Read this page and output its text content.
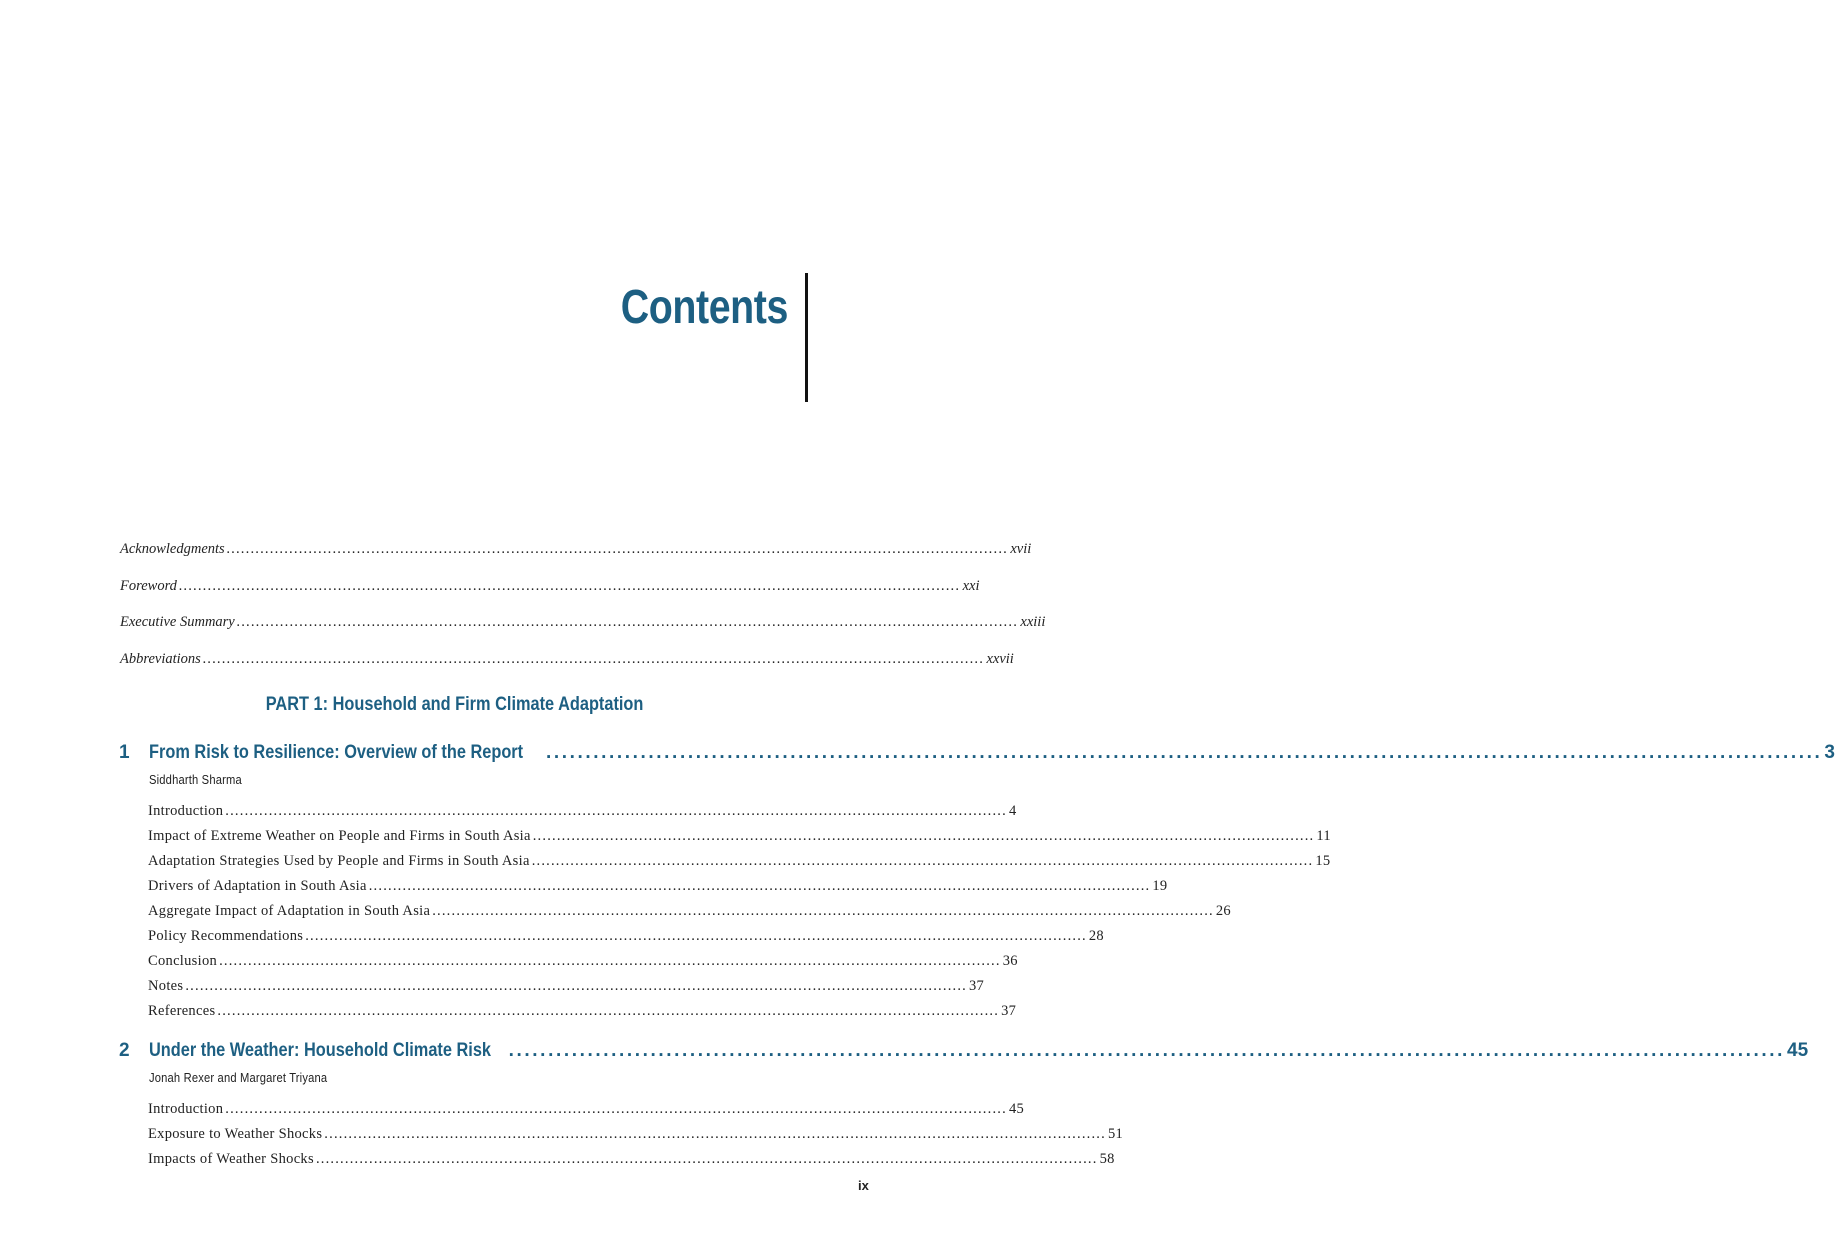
Contents
Acknowledgments .................................................................................................................................................................. xvii
Foreword .................................................................................................................................................................. xxi
Executive Summary .................................................................................................................................................................. xxiii
Abbreviations .................................................................................................................................................................. xxvii
PART 1: Household and Firm Climate Adaptation
1 From Risk to Resilience: Overview of the Report .................................................................................................................................................................. 3
Siddharth Sharma
Introduction .................................................................................................................................................................. 4
Impact of Extreme Weather on People and Firms in South Asia .................................................................................................................................................................. 11
Adaptation Strategies Used by People and Firms in South Asia .................................................................................................................................................................. 15
Drivers of Adaptation in South Asia .................................................................................................................................................................. 19
Aggregate Impact of Adaptation in South Asia .................................................................................................................................................................. 26
Policy Recommendations .................................................................................................................................................................. 28
Conclusion .................................................................................................................................................................. 36
Notes .................................................................................................................................................................. 37
References .................................................................................................................................................................. 37
2 Under the Weather: Household Climate Risk .................................................................................................................................................................. 45
Jonah Rexer and Margaret Triyana
Introduction .................................................................................................................................................................. 45
Exposure to Weather Shocks .................................................................................................................................................................. 51
Impacts of Weather Shocks .................................................................................................................................................................. 58
ix
